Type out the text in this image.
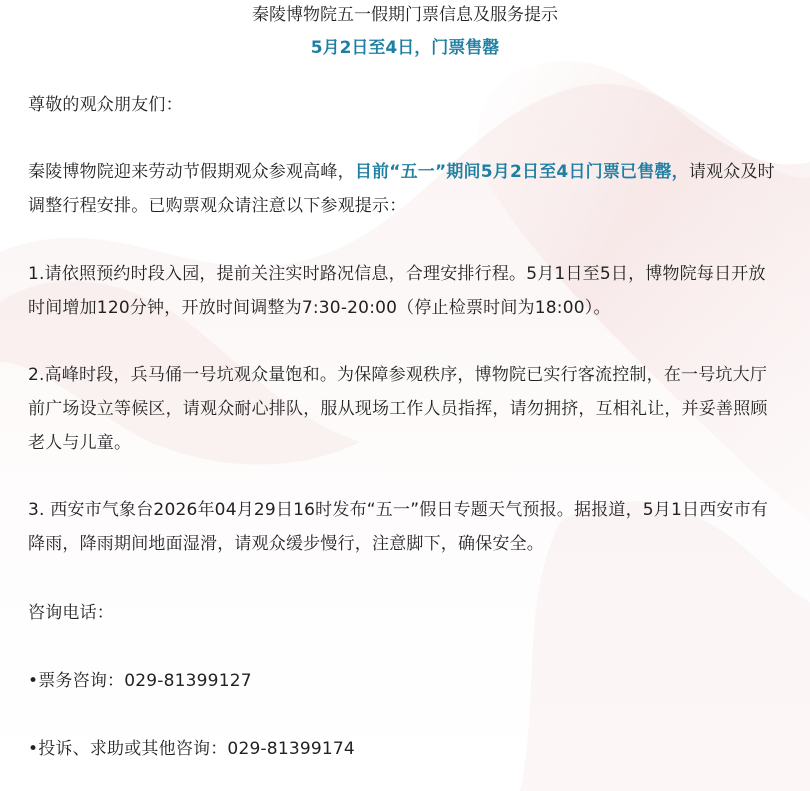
秦陵博物院五一假期门票信息及服务提示
5月2日至4日，门票售罄

尊敬的观众朋友们：

秦陵博物院迎来劳动节假期观众参观高峰，目前“五一”期间5月2日至4日门票已售罄，请观众及时调整行程安排。已购票观众请注意以下参观提示：

1.请依照预约时段入园，提前关注实时路况信息，合理安排行程。5月1日至5日，博物院每日开放时间增加120分钟，开放时间调整为7:30-20:00（停止检票时间为18:00）。

2.高峰时段，兵马俑一号坑观众量饱和。为保障参观秩序，博物院已实行客流控制，在一号坑大厅前广场设立等候区，请观众耐心排队，服从现场工作人员指挥，请勿拥挤，互相礼让，并妥善照顾老人与儿童。

3. 西安市气象台2026年04月29日16时发布“五一”假日专题天气预报。据报道，5月1日西安市有降雨，降雨期间地面湿滑，请观众缓步慢行，注意脚下，确保安全。

咨询电话：

•票务咨询：029-81399127

•投诉、求助或其他咨询：029-81399174
